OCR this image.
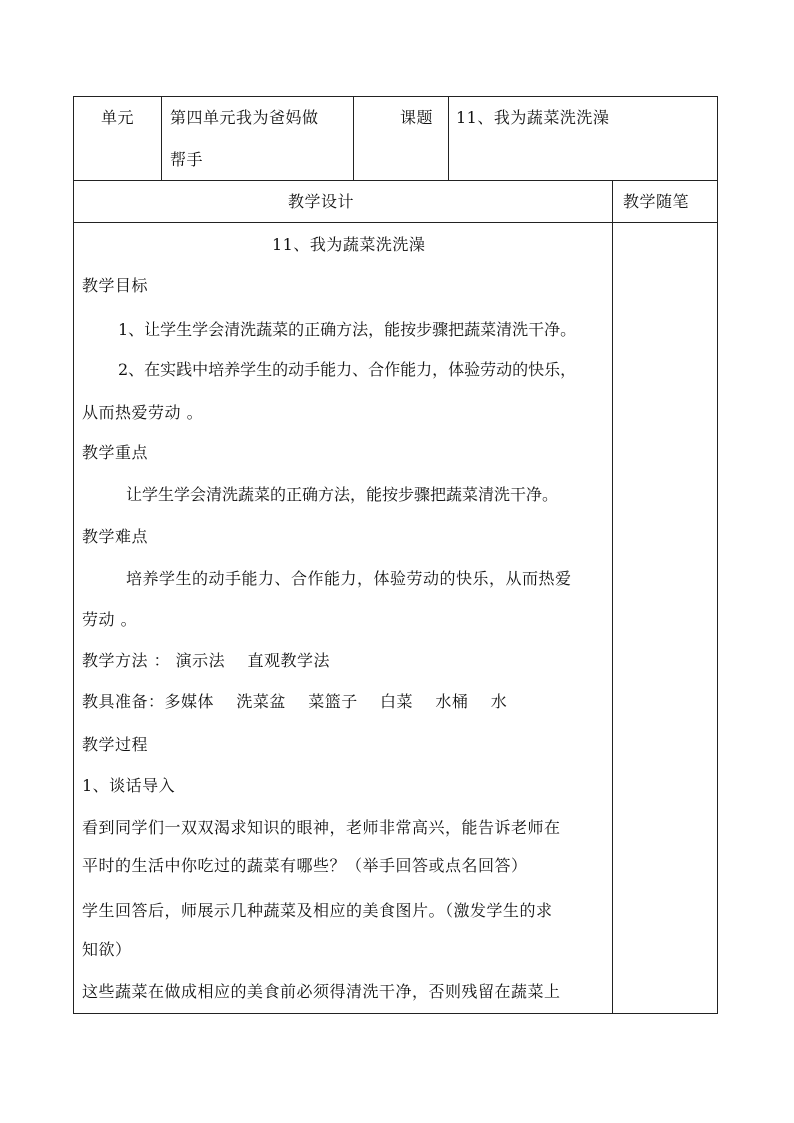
单元 第四单元我为爸妈做
帮手
课题 11、我为蔬菜洗洗澡
教学设计	教学随笔
11、我为蔬菜洗洗澡
教学目标
1、让学生学会清洗蔬菜的正确方法，能按步骤把蔬菜清洗干净。
2、在实践中培养学生的动手能力、合作能力，体验劳动的快乐，
从而热爱劳动 。
教学重点
让学生学会清洗蔬菜的正确方法，能按步骤把蔬菜清洗干净。
教学难点
培养学生的动手能力、合作能力，体验劳动的快乐，从而热爱
劳动 。
教学方法 ： 演示法    直观教学法
教具准备：多媒体    洗菜盆    菜篮子    白菜    水桶    水
教学过程
1、谈话导入
看到同学们一双双渴求知识的眼神，老师非常高兴，能告诉老师在
平时的生活中你吃过的蔬菜有哪些？（举手回答或点名回答）
学生回答后，师展示几种蔬菜及相应的美食图片。（激发学生的求
知欲）
这些蔬菜在做成相应的美食前必须得清洗干净，否则残留在蔬菜上
